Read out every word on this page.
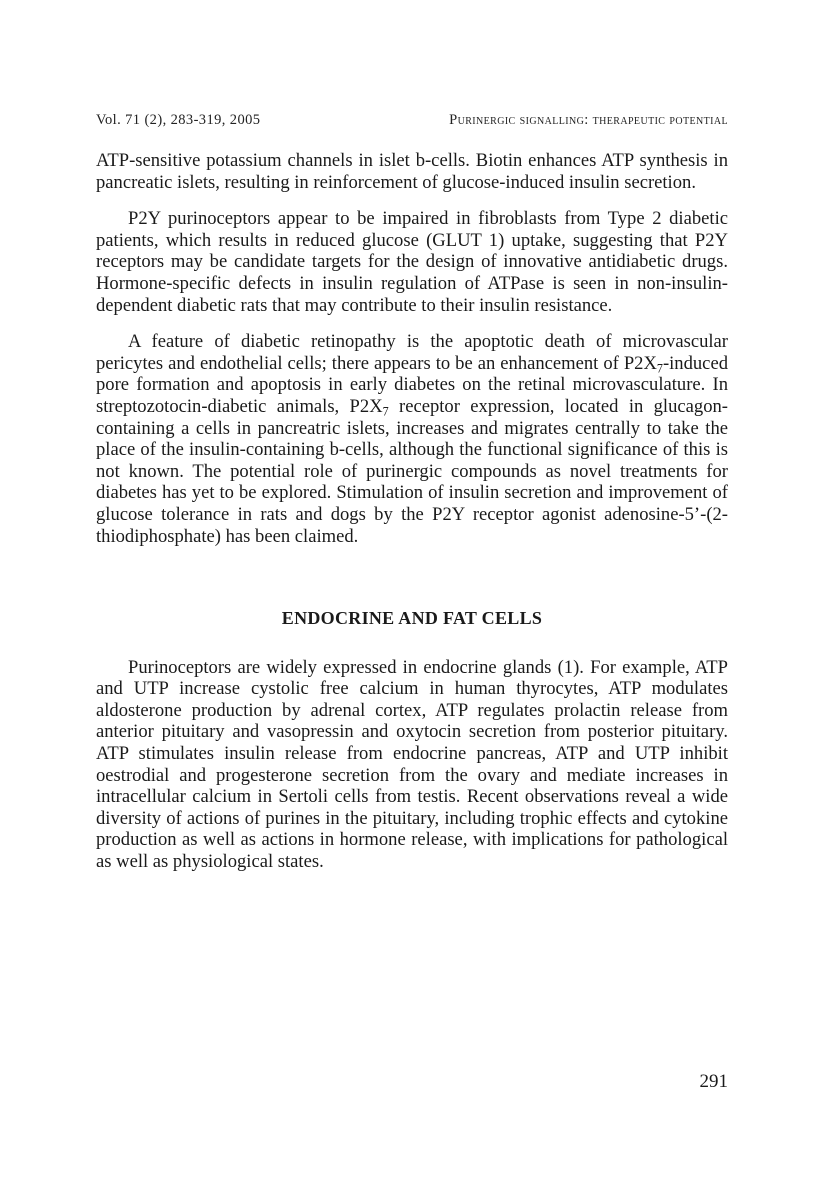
Vol. 71 (2), 283-319, 2005	Purinergic signalling: therapeutic potential

ATP-sensitive potassium channels in islet b-cells. Biotin enhances ATP synthesis in pancreatic islets, resulting in reinforcement of glucose-induced insulin secretion.

P2Y purinoceptors appear to be impaired in fibroblasts from Type 2 diabetic patients, which results in reduced glucose (GLUT 1) uptake, suggesting that P2Y receptors may be candidate targets for the design of innovative antidiabetic drugs. Hormone-specific defects in insulin regulation of ATPase is seen in non-insulin-dependent diabetic rats that may contribute to their insulin resistance.

A feature of diabetic retinopathy is the apoptotic death of microvascular pericytes and endothelial cells; there appears to be an enhancement of $P2X_7$-induced pore formation and apoptosis in early diabetes on the retinal microvasculature. In streptozotocin-diabetic animals, $P2X_7$ receptor expression, located in glucagon-containing a cells in pancreatric islets, increases and migrates centrally to take the place of the insulin-containing b-cells, although the functional significance of this is not known. The potential role of purinergic compounds as novel treatments for diabetes has yet to be explored. Stimulation of insulin secretion and improvement of glucose tolerance in rats and dogs by the P2Y receptor agonist adenosine-5’-(2-thiodiphosphate) has been claimed.

ENDOCRINE AND FAT CELLS

Purinoceptors are widely expressed in endocrine glands (1). For example, ATP and UTP increase cystolic free calcium in human thyrocytes, ATP modulates aldosterone production by adrenal cortex, ATP regulates prolactin release from anterior pituitary and vasopressin and oxytocin secretion from posterior pituitary. ATP stimulates insulin release from endocrine pancreas, ATP and UTP inhibit oestrodial and progesterone secretion from the ovary and mediate increases in intracellular calcium in Sertoli cells from testis. Recent observations reveal a wide diversity of actions of purines in the pituitary, including trophic effects and cytokine production as well as actions in hormone release, with implications for pathological as well as physiological states.

291
